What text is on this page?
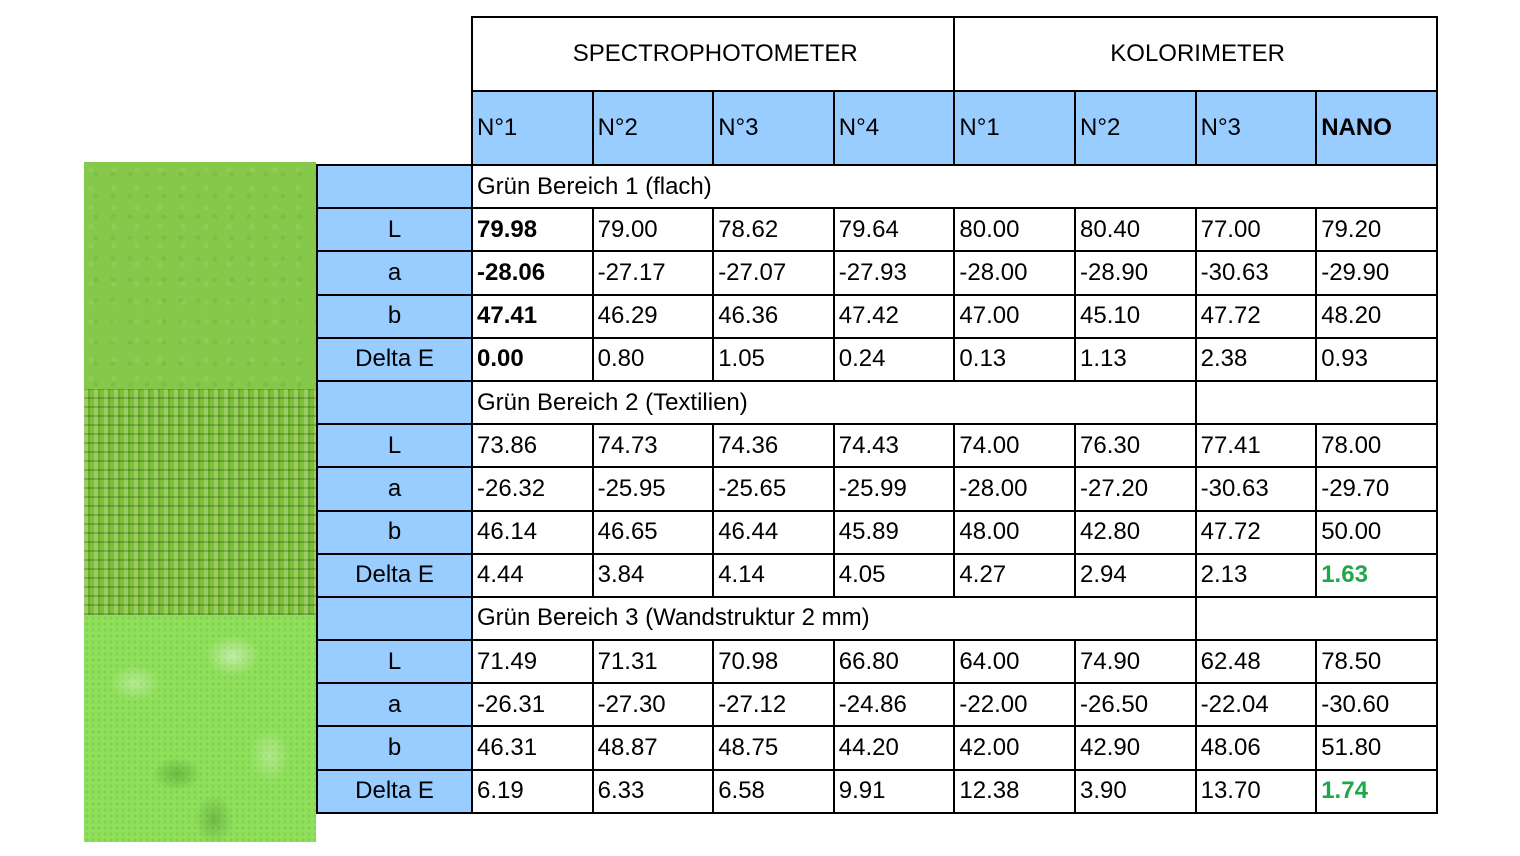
	SPECTROPHOTOMETER				KOLORIMETER			
	N°1	N°2	N°3	N°4	N°1	N°2	N°3	NANO
	Grün Bereich 1 (flach)							
L	79.98	79.00	78.62	79.64	80.00	80.40	77.00	79.20
a	-28.06	-27.17	-27.07	-27.93	-28.00	-28.90	-30.63	-29.90
b	47.41	46.29	46.36	47.42	47.00	45.10	47.72	48.20
Delta E	0.00	0.80	1.05	0.24	0.13	1.13	2.38	0.93
	Grün Bereich 2 (Textilien)							
L	73.86	74.73	74.36	74.43	74.00	76.30	77.41	78.00
a	-26.32	-25.95	-25.65	-25.99	-28.00	-27.20	-30.63	-29.70
b	46.14	46.65	46.44	45.89	48.00	42.80	47.72	50.00
Delta E	4.44	3.84	4.14	4.05	4.27	2.94	2.13	1.63
	Grün Bereich 3 (Wandstruktur 2 mm)							
L	71.49	71.31	70.98	66.80	64.00	74.90	62.48	78.50
a	-26.31	-27.30	-27.12	-24.86	-22.00	-26.50	-22.04	-30.60
b	46.31	48.87	48.75	44.20	42.00	42.90	48.06	51.80
Delta E	6.19	6.33	6.58	9.91	12.38	3.90	13.70	1.74
